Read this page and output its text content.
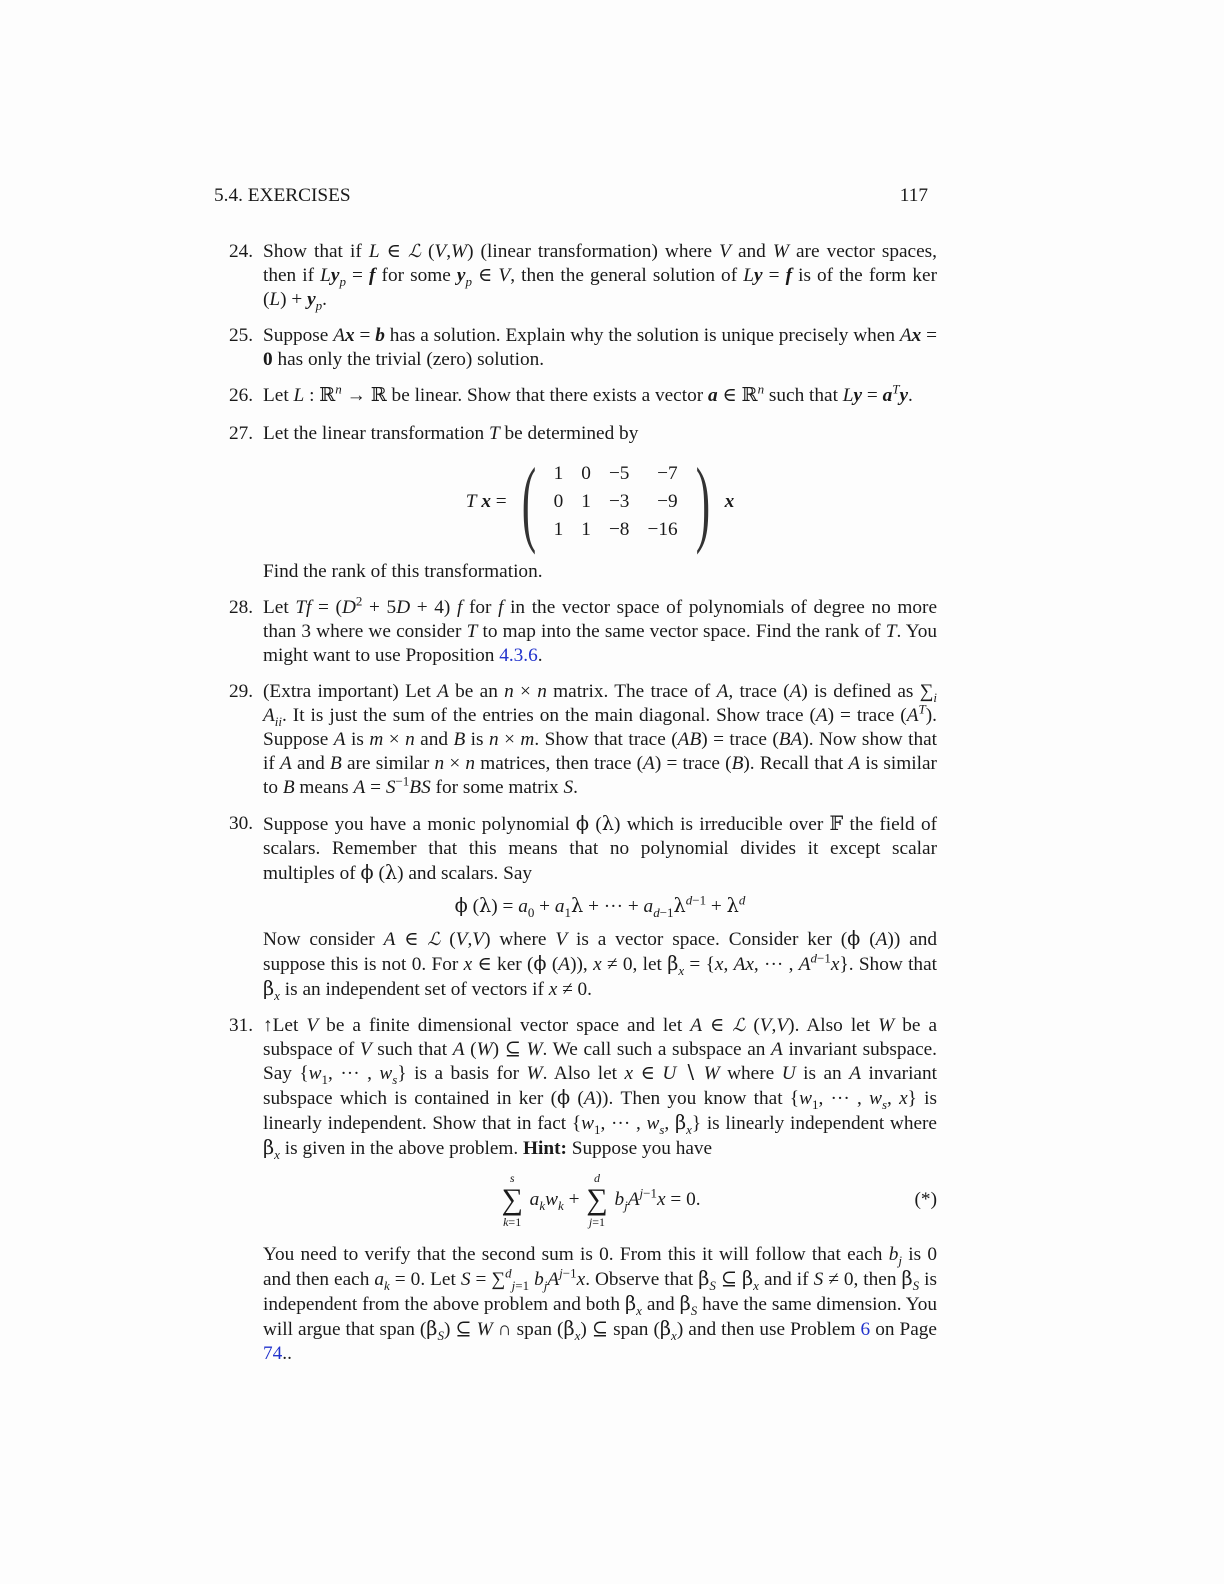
5.4. EXERCISES	117
24. Show that if L ∈ ℒ (V,W) (linear transformation) where V and W are vector spaces, then if $Ly_p = f$ for some $y_p$ ∈ V, then the general solution of Ly = f is of the form ker $(L) + y_p$.

25. Suppose Ax = b has a solution. Explain why the solution is unique precisely when Ax = 0 has only the trivial (zero) solution.

26. Let L : ℝ$^n$ → ℝ be linear. Show that there exists a vector a ∈ ℝ$^n$ such that $Ly = a^Ty$.

27. Let the linear transformation T be determined by

T x = ( 1	0	−5	−7
0	1	−3	−9
1	1	−8	−16 ) x

Find the rank of this transformation.

28. Let $Tf = (D^2 + 5D + 4)$ f for f in the vector space of polynomials of degree no more than 3 where we consider T to map into the same vector space. Find the rank of T. You might want to use Proposition 4.3.6.

29. (Extra important) Let A be an n × n matrix. The trace of A, trace (A) is defined as $\sum_i$ $A_{ii}$. It is just the sum of the entries on the main diagonal. Show trace (A) = trace $(A^T)$. Suppose A is m × n and B is n × m. Show that trace (AB) = trace (BA). Now show that if A and B are similar n × n matrices, then trace (A) = trace (B). Recall that A is similar to B means $A = S^{-1}BS$ for some matrix S.

30. Suppose you have a monic polynomial ϕ (λ) which is irreducible over 𝔽 the field of scalars. Remember that this means that no polynomial divides it except scalar multiples of ϕ (λ) and scalars. Say

ϕ $(\lambda) = a_0 + a_1\lambda$ + ··· + $a_{d-1}\lambda^{d-1} + \lambda^d$

Now consider A ∈ ℒ (V,V) where V is a vector space. Consider ker (ϕ (A)) and suppose this is not 0. For x ∈ ker (ϕ (A)), x ≠ 0, let $\beta_x = \{x$, Ax, ··· , $A^{d-1}x$}. Show that $\beta_x$ is an independent set of vectors if x ≠ 0.

31. ↑Let V be a finite dimensional vector space and let A ∈ ℒ (V,V). Also let W be a subspace of V such that A (W) ⊆ W. We call such a subspace an A invariant subspace. Say {$w_1$, ··· , $w_s$} is a basis for W. Also let x ∈ U ∖ W where U is an A invariant subspace which is contained in ker (ϕ (A)). Then you know that {$w_1$, ··· , $w_s$, x} is linearly independent. Show that in fact {$w_1$, ··· , $w_s$, $\beta_x$} is linearly independent where $\beta_x$ is given in the above problem. Hint: Suppose you have

s
∑
k=1
$a_kw_k$ +
d
∑
j=1
$b_jA^{j-1}x = 0$.	(*)

You need to verify that the second sum is 0. From this it will follow that each $b_j$ is 0 and then each $a_k = 0$. Let S = ∑$^d_{j=1}$ $b_jA^{j-1}x$. Observe that $\beta_S$ ⊆ $\beta_x$ and if S ≠ 0, then $\beta_S$ is independent from the above problem and both $\beta_x$ and $\beta_S$ have the same dimension. You will argue that span $(\beta_S)$ ⊆ W ∩ span $(\beta_x)$ ⊆ span $(\beta_x)$ and then use Problem 6 on Page 74..
